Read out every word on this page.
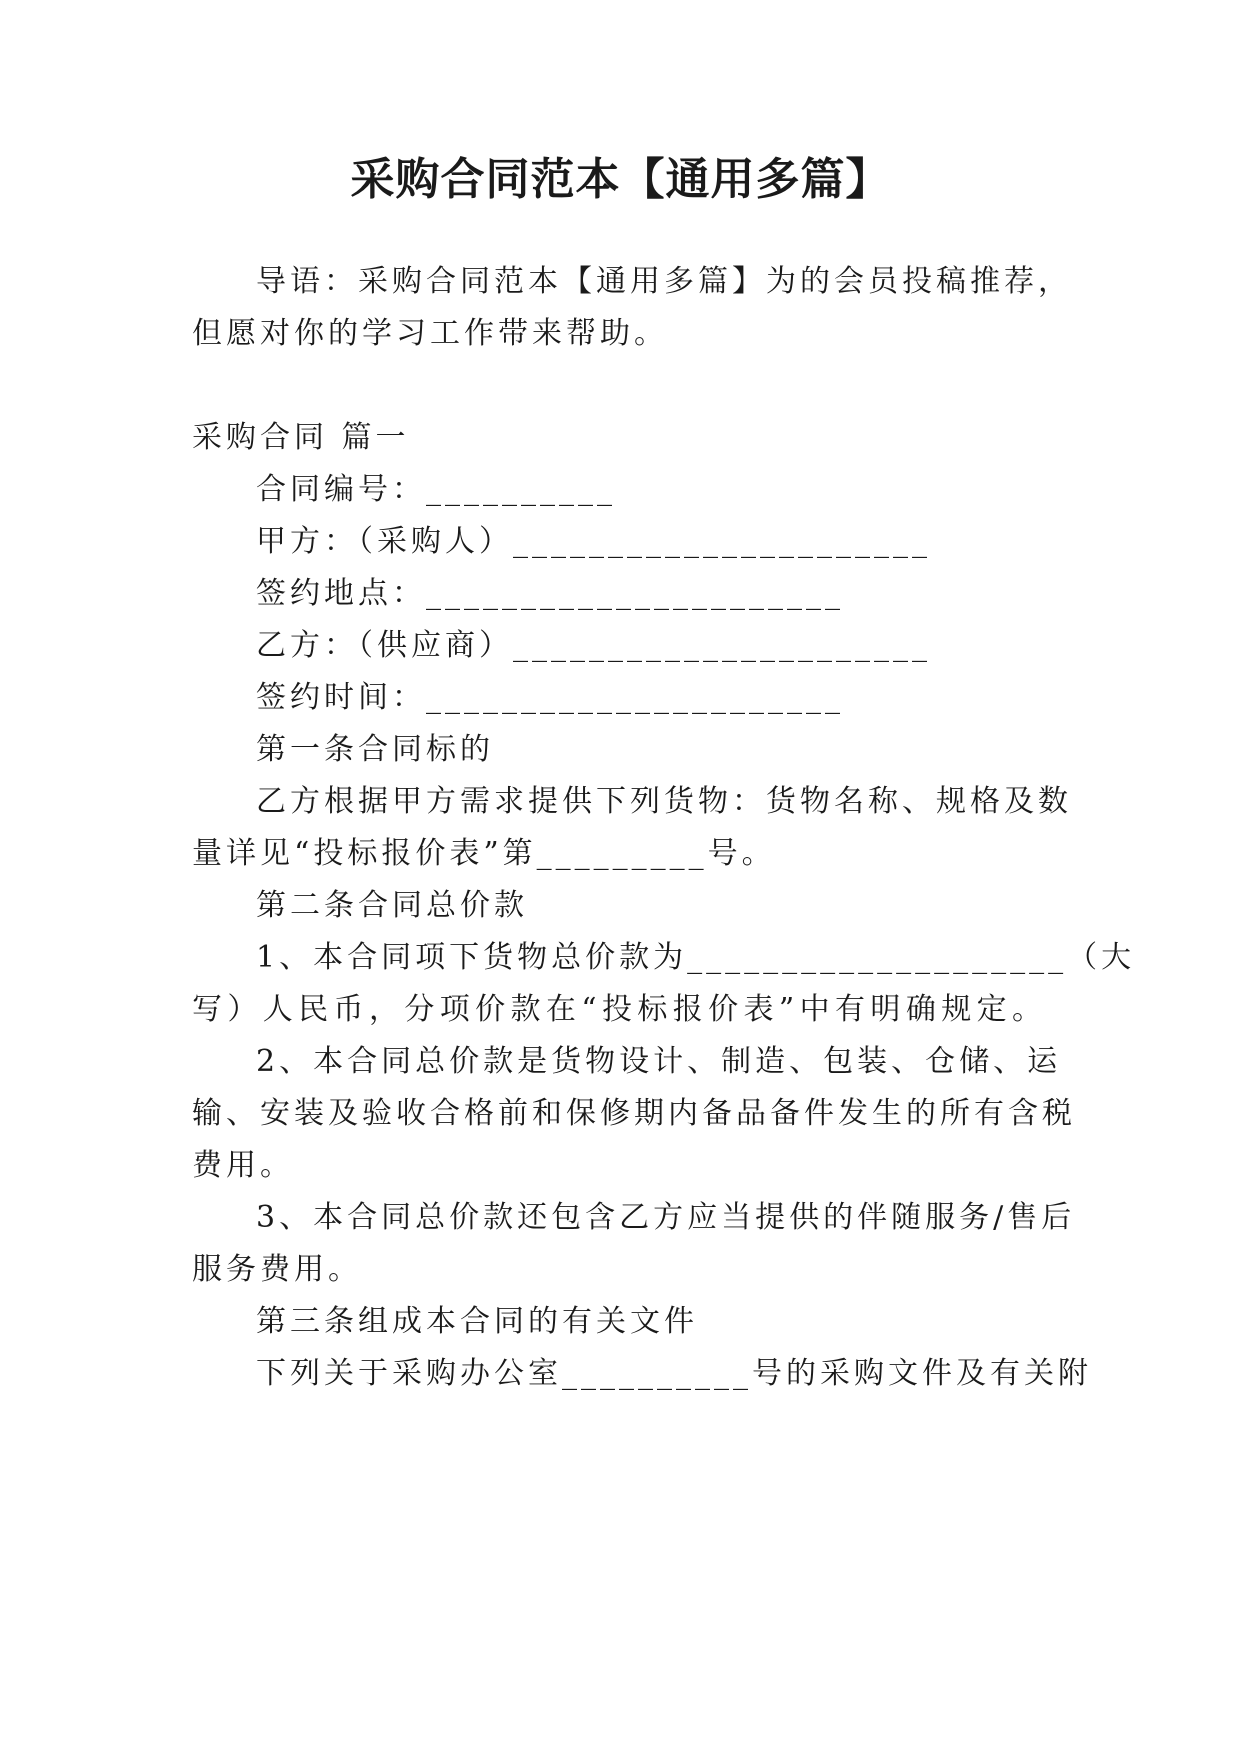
采购合同范本【通用多篇】
导语：采购合同范本【通用多篇】为的会员投稿推荐，
但愿对你的学习工作带来帮助。
采购合同 篇一
合同编号：__________
甲方：（采购人）______________________
签约地点：______________________
乙方：（供应商）______________________
签约时间：______________________
第一条合同标的
乙方根据甲方需求提供下列货物：货物名称、规格及数
量详见“投标报价表”第_________号。
第二条合同总价款
1、本合同项下货物总价款为____________________（大
写）人民币，分项价款在“投标报价表”中有明确规定。
2、本合同总价款是货物设计、制造、包装、仓储、运
输、安装及验收合格前和保修期内备品备件发生的所有含税
费用。
3、本合同总价款还包含乙方应当提供的伴随服务/售后
服务费用。
第三条组成本合同的有关文件
下列关于采购办公室__________号的采购文件及有关附
